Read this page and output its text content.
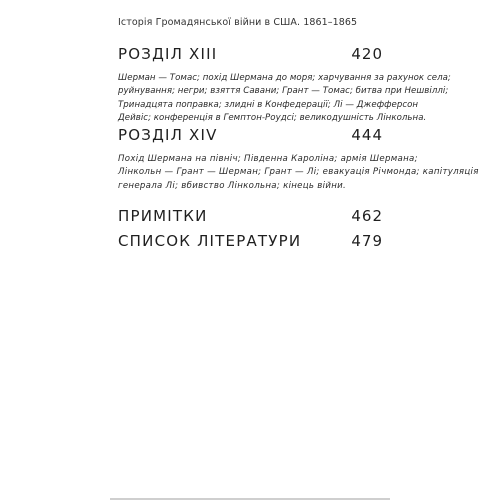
Історія Громадянської війни в США. 1861–1865
РОЗДІЛ XIII	420
Шерман — Томас; похід Шермана до моря; харчування за рахунок села;
руйнування; негри; взяття Савани; Грант — Томас; битва при Нешвіллі;
Тринадцята поправка; злидні в Конфедерації; Лі — Джефферсон
Дейвіс; конференція в Гемптон-Роудсі; великодушність Лінкольна.
РОЗДІЛ XIV	444
Похід Шермана на північ; Південна Кароліна; армія Шермана;
Лінкольн — Грант — Шерман; Грант — Лі; евакуація Річмонда; капітуляція
генерала Лі; вбивство Лінкольна; кінець війни.
ПРИМІТКИ	462
СПИСОК ЛІТЕРАТУРИ	479
